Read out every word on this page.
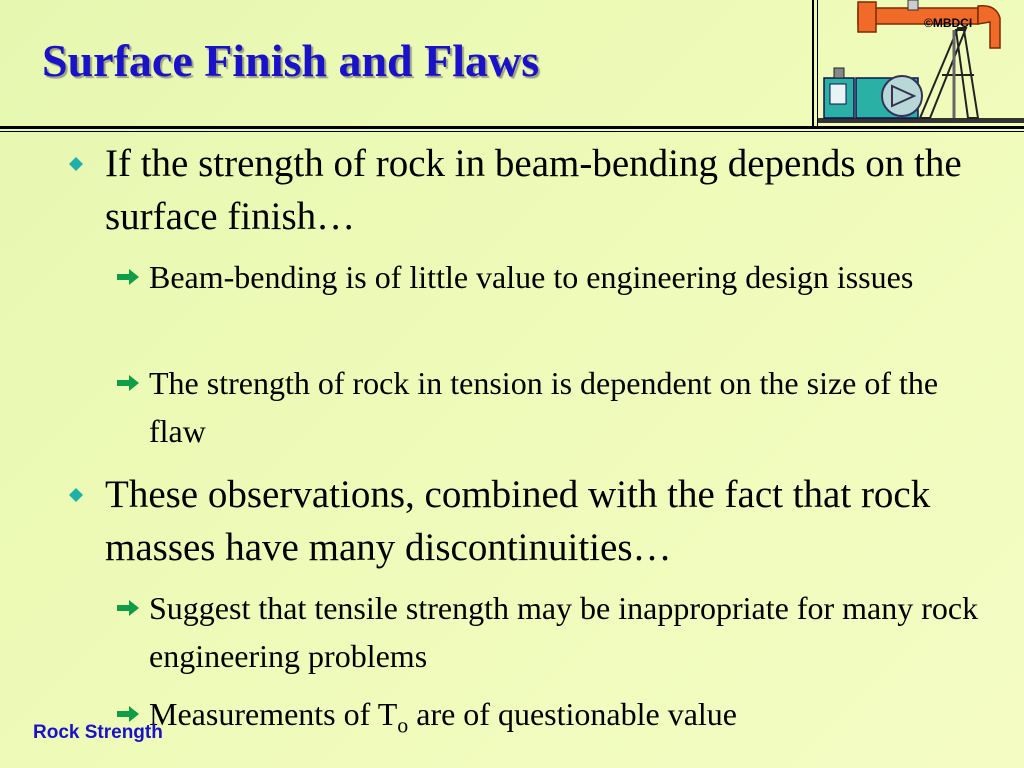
Surface Finish and Flaws
©MBDCI
If the strength of rock in beam-bending depends on the surface finish…
Beam-bending is of little value to engineering design issues
The strength of rock in tension is dependent on the size of the flaw
These observations, combined with the fact that rock masses have many discontinuities…
Suggest that tensile strength may be inappropriate for many rock engineering problems
Measurements of $T_o$ are of questionable value
Rock Strength
